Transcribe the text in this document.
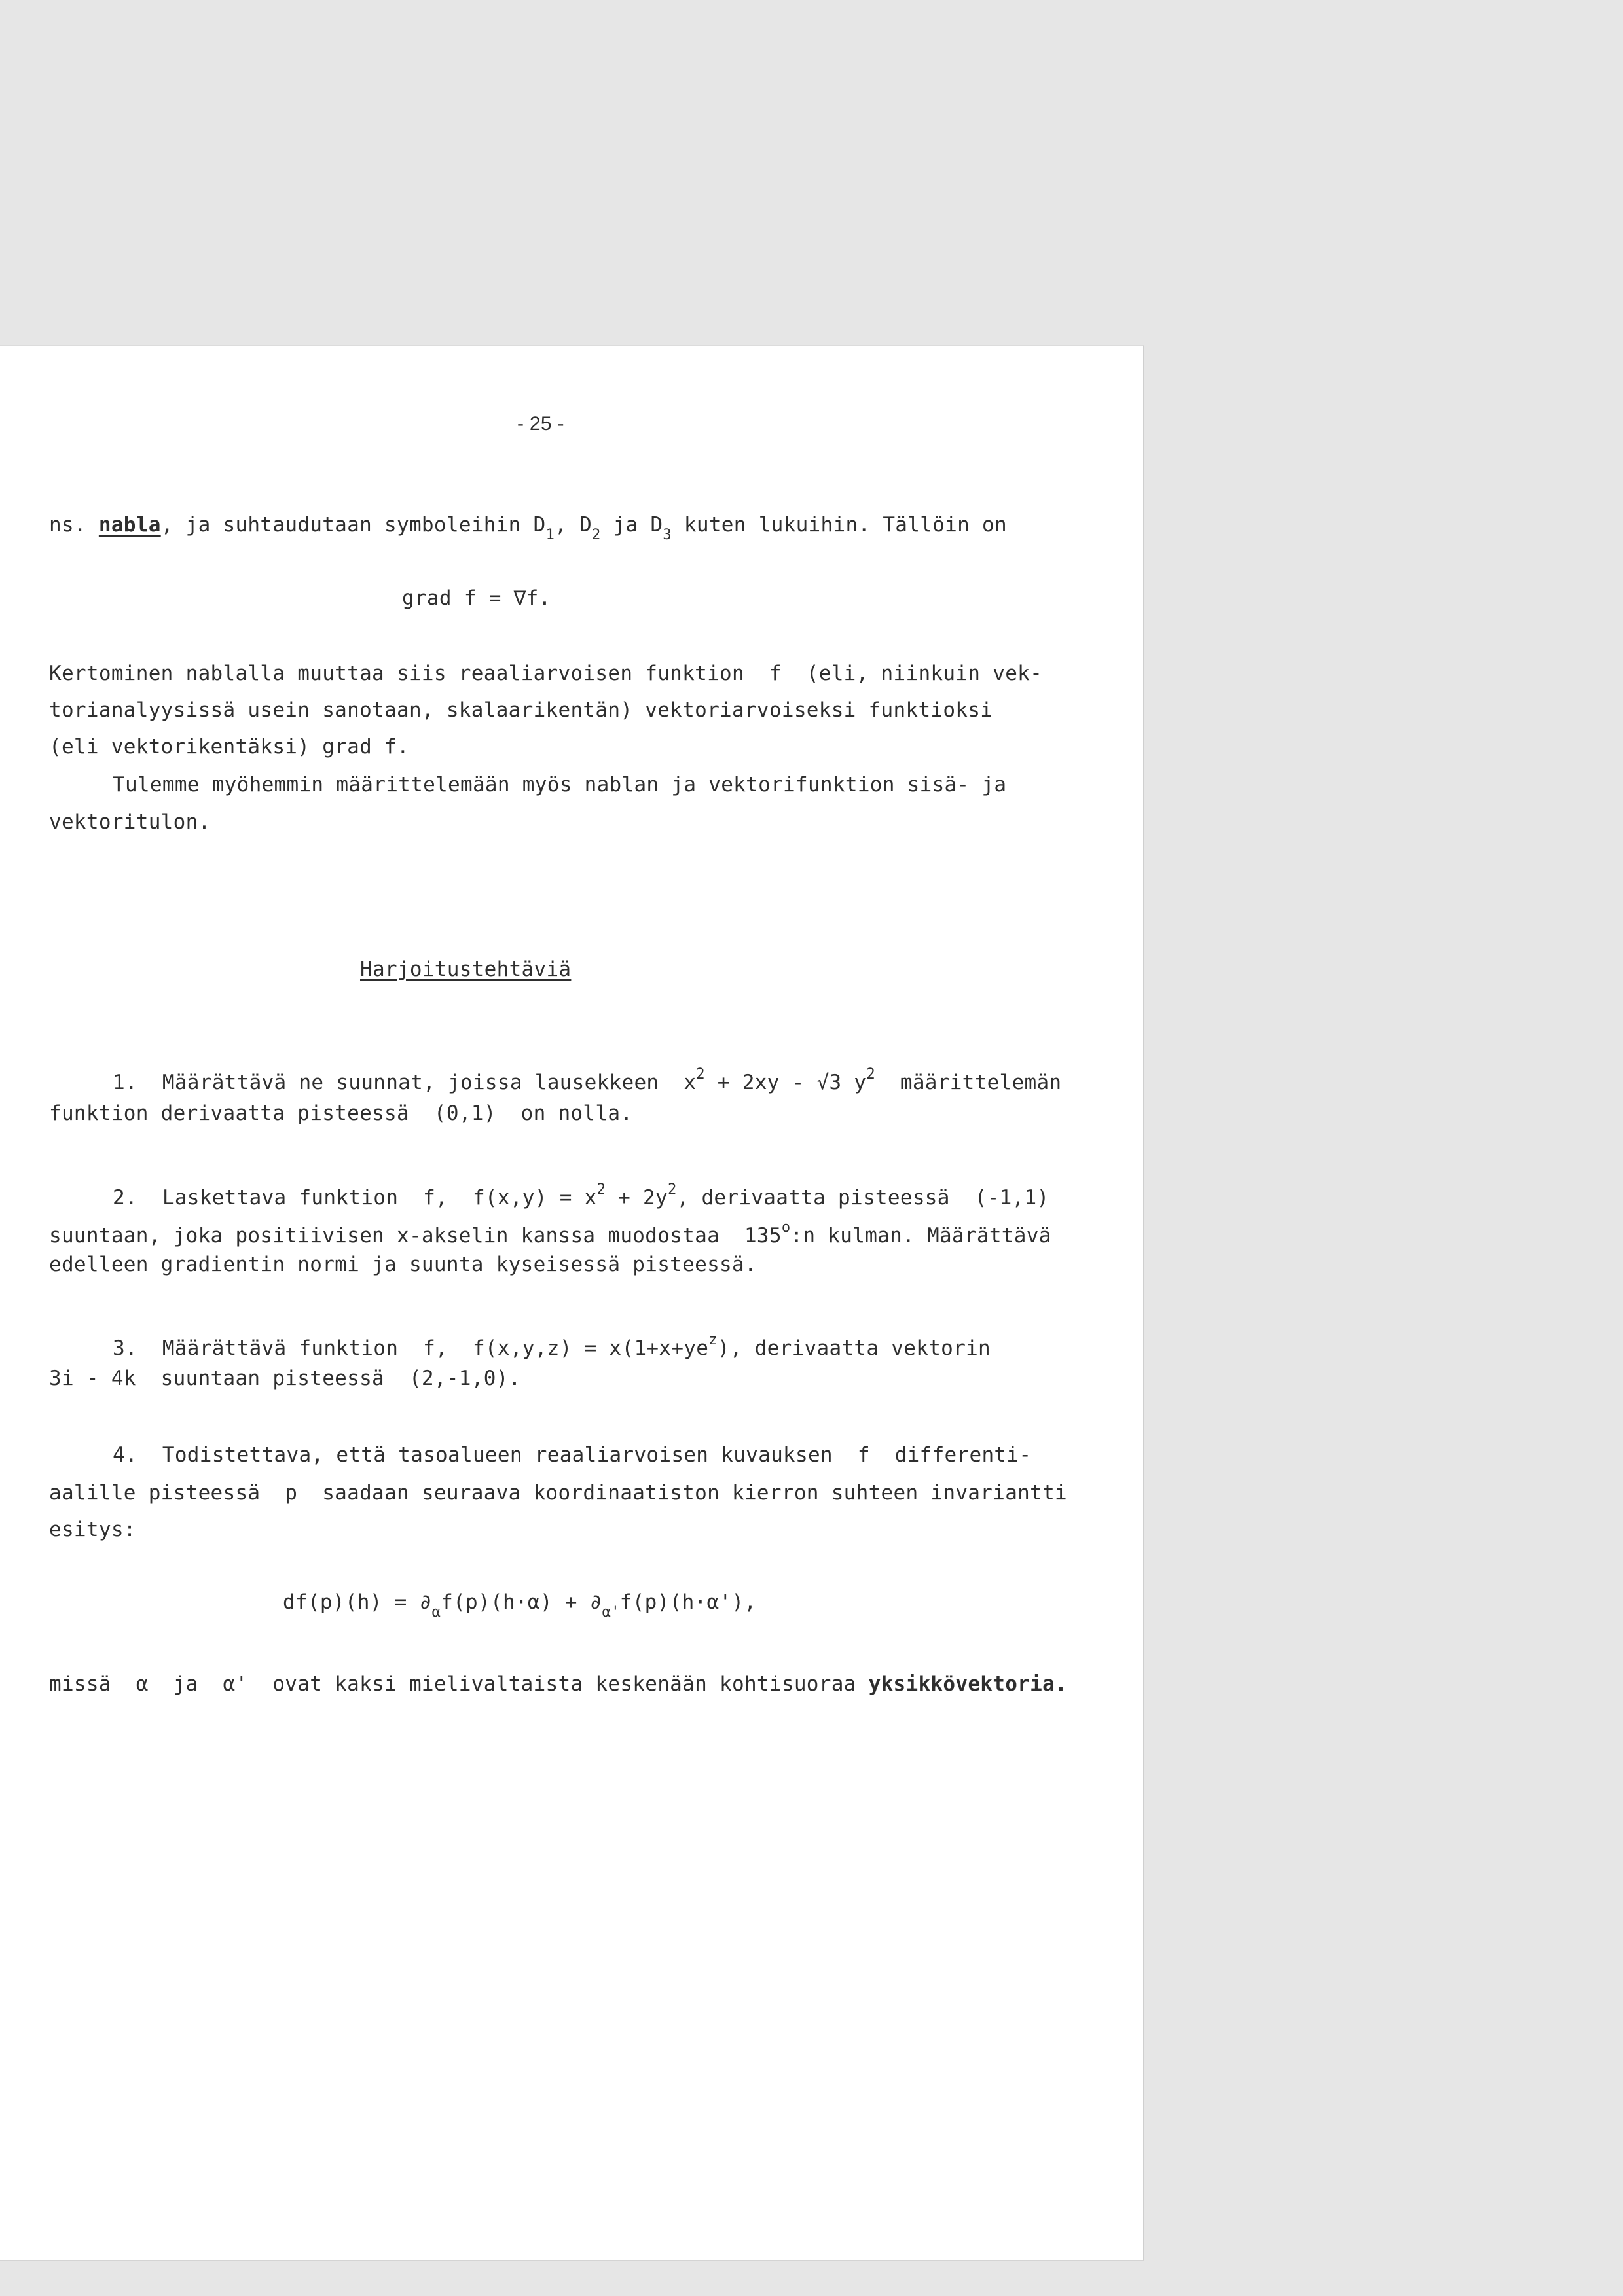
- 25 -
ns. nabla, ja suhtaudutaan symboleihin $D_1$, $D_2$ ja $D_3$ kuten lukuihin. Tällöin on
grad f = ∇f.
Kertominen nablalla muuttaa siis reaaliarvoisen funktion  f  (eli, niinkuin vek-
torianalyysissä usein sanotaan, skalaarikentän) vektoriarvoiseksi funktioksi
(eli vektorikentäksi) grad f.
Tulemme myöhemmin määrittelemään myös nablan ja vektorifunktion sisä- ja
vektoritulon.
Harjoitustehtäviä
1.  Määrättävä ne suunnat, joissa lausekkeen  $x^2 + 2xy - √3$ $y^2$  määrittelemän
funktion derivaatta pisteessä  (0,1)  on nolla.
2.  Laskettava funktion  f,  $f(x,y) = x^2 + 2y^2$, derivaatta pisteessä  (-1,1)
suuntaan, joka positiivisen x-akselin kanssa muodostaa  135$^o$:n kulman. Määrättävä
edelleen gradientin normi ja suunta kyseisessä pisteessä.
3.  Määrättävä funktion  f,  $f(x,y,z) = x(1+x+ye^z)$, derivaatta vektorin
3i - 4k  suuntaan pisteessä  (2,-1,0).
4.  Todistettava, että tasoalueen reaaliarvoisen kuvauksen  f  differenti-
aalille pisteessä  p  saadaan seuraava koordinaatiston kierron suhteen invariantti
esitys:
$df(p)(h) = \partial_\alpha f(p)(h\cdot\alpha) + \partial_{\alpha'}f(p)(h\cdot\alpha')$,
missä  α  ja  α'  ovat kaksi mielivaltaista keskenään kohtisuoraa yksikkövektoria.
